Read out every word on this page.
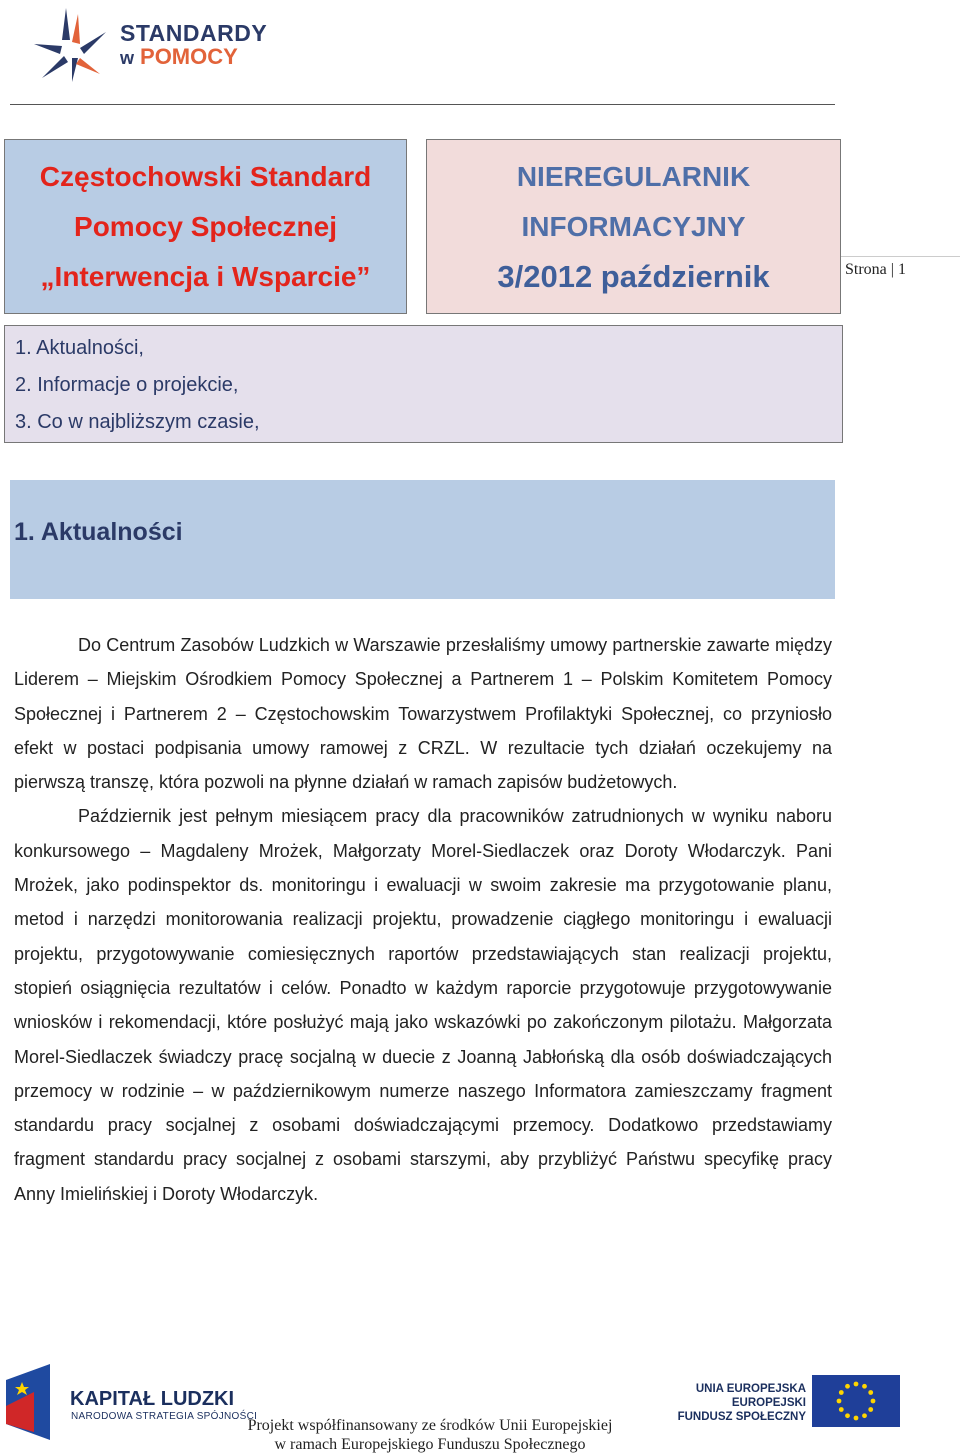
STANDARDY
w POMOCY
Częstochowski Standard
Pomocy Społecznej
„Interwencja i Wsparcie”
NIEREGULARNIK
INFORMACYJNY
3/2012 październik	Strona | 1

1. Aktualności,

2. Informacje o projekcie,

3. Co w najbliższym czasie,

1. Aktualności

Do Centrum Zasobów Ludzkich w Warszawie przesłaliśmy umowy partnerskie zawarte między Liderem – Miejskim Ośrodkiem Pomocy Społecznej a Partnerem 1 – Polskim Komitetem Pomocy Społecznej i Partnerem 2 – Częstochowskim Towarzystwem Profilaktyki Społecznej, co przyniosło efekt w postaci podpisania umowy ramowej z CRZL. W rezultacie tych działań oczekujemy na pierwszą transzę, która pozwoli na płynne działań w ramach zapisów budżetowych.

Październik jest pełnym miesiącem pracy dla pracowników zatrudnionych w wyniku naboru konkursowego – Magdaleny Mrożek, Małgorzaty Morel-Siedlaczek oraz Doroty Włodarczyk. Pani Mrożek, jako podinspektor ds. monitoringu i ewaluacji w swoim zakresie ma przygotowanie planu, metod i narzędzi monitorowania realizacji projektu, prowadzenie ciągłego monitoringu i ewaluacji projektu, przygotowywanie comiesięcznych raportów przedstawiających stan realizacji projektu, stopień osiągnięcia rezultatów i celów. Ponadto w każdym raporcie przygotowuje przygotowywanie wniosków i rekomendacji, które posłużyć mają jako wskazówki po zakończonym pilotażu. Małgorzata Morel-Siedlaczek świadczy pracę socjalną w duecie z Joanną Jabłońską dla osób doświadczających przemocy w rodzinie – w październikowym numerze naszego Informatora zamieszczamy fragment standardu pracy socjalnej z osobami doświadczającymi przemocy. Dodatkowo przedstawiamy fragment standardu pracy socjalnej z osobami starszymi, aby przybliżyć Państwu specyfikę pracy Anny Imielińskiej i Doroty Włodarczyk.

KAPITAŁ LUDZKI
NARODOWA STRATEGIA SPÓJNOŚCI
Projekt współfinansowany ze środków Unii Europejskiej
w ramach Europejskiego Funduszu Społecznego
UNIA EUROPEJSKA
EUROPEJSKI
FUNDUSZ SPOŁECZNY
